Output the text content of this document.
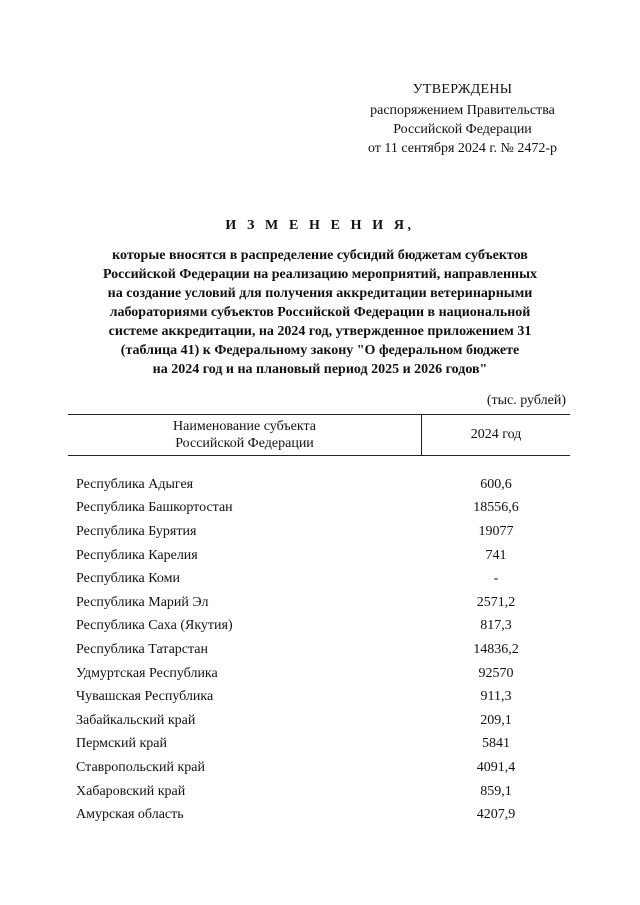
УТВЕРЖДЕНЫ
распоряжением Правительства
Российской Федерации
от 11 сентября 2024 г. № 2472-р
И З М Е Н Е Н И Я,
которые вносятся в распределение субсидий бюджетам субъектов
Российской Федерации на реализацию мероприятий, направленных
на создание условий для получения аккредитации ветеринарными
лабораториями субъектов Российской Федерации в национальной
системе аккредитации, на 2024 год, утвержденное приложением 31
(таблица 41) к Федеральному закону "О федеральном бюджете
на 2024 год и на плановый период 2025 и 2026 годов"
(тыс. рублей)
Наименование субъекта
Российской Федерации
2024 год
Республика Адыгея	600,6
Республика Башкортостан	18556,6
Республика Бурятия	19077
Республика Карелия	741
Республика Коми	-
Республика Марий Эл	2571,2
Республика Саха (Якутия)	817,3
Республика Татарстан	14836,2
Удмуртская Республика	92570
Чувашская Республика	911,3
Забайкальский край	209,1
Пермский край	5841
Ставропольский край	4091,4
Хабаровский край	859,1
Амурская область	4207,9
